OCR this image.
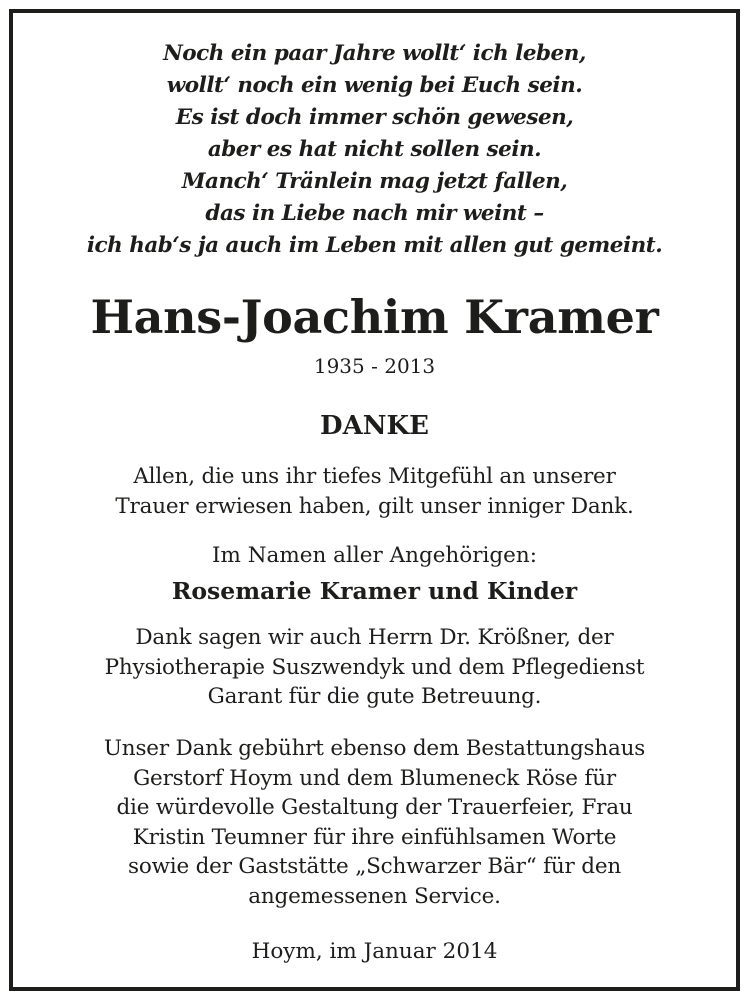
Noch ein paar Jahre wollt‘ ich leben,
wollt‘ noch ein wenig bei Euch sein.
Es ist doch immer schön gewesen,
aber es hat nicht sollen sein.
Manch‘ Tränlein mag jetzt fallen,
das in Liebe nach mir weint –
ich hab‘s ja auch im Leben mit allen gut gemeint.
Hans-Joachim Kramer
1935 - 2013
DANKE
Allen, die uns ihr tiefes Mitgefühl an unserer
Trauer erwiesen haben, gilt unser inniger Dank.
Im Namen aller Angehörigen:
Rosemarie Kramer und Kinder
Dank sagen wir auch Herrn Dr. Krößner, der
Physiotherapie Suszwendyk und dem Pflegedienst
Garant für die gute Betreuung.
Unser Dank gebührt ebenso dem Bestattungshaus
Gerstorf Hoym und dem Blumeneck Röse für
die würdevolle Gestaltung der Trauerfeier, Frau
Kristin Teumner für ihre einfühlsamen Worte
sowie der Gaststätte „Schwarzer Bär“ für den
angemessenen Service.
Hoym, im Januar 2014
